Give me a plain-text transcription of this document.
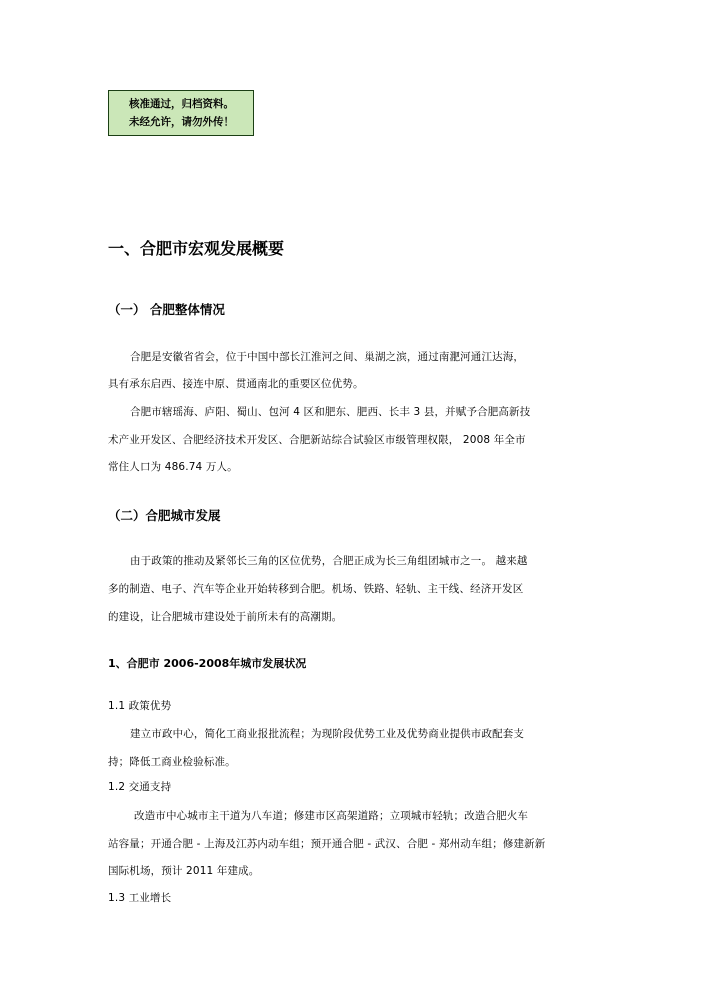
核准通过，归档资料。
未经允许，请勿外传！
一、合肥市宏观发展概要
（一） 合肥整体情况
合肥是安徽省省会，位于中国中部长江淮河之间、巢湖之滨，通过南淝河通江达海，
具有承东启西、接连中原、贯通南北的重要区位优势。
合肥市辖瑶海、庐阳、蜀山、包河 4 区和肥东、肥西、长丰 3 县，并赋予合肥高新技
术产业开发区、合肥经济技术开发区、合肥新站综合试验区市级管理权限， 2008 年全市
常住人口为 486.74 万人。
（二）合肥城市发展
由于政策的推动及紧邻长三角的区位优势，合肥正成为长三角组团城市之一。 越来越
多的制造、电子、汽车等企业开始转移到合肥。机场、铁路、轻轨、主干线、经济开发区
的建设，让合肥城市建设处于前所未有的高潮期。
1、合肥市 2006-2008年城市发展状况
1.1 政策优势
建立市政中心，简化工商业报批流程；为现阶段优势工业及优势商业提供市政配套支
持；降低工商业检验标准。
1.2 交通支持
改造市中心城市主干道为八车道；修建市区高架道路；立项城市轻轨；改造合肥火车
站容量；开通合肥 - 上海及江苏内动车组；预开通合肥 - 武汉、合肥 - 郑州动车组；修建新新
国际机场，预计 2011 年建成。
1.3 工业增长
